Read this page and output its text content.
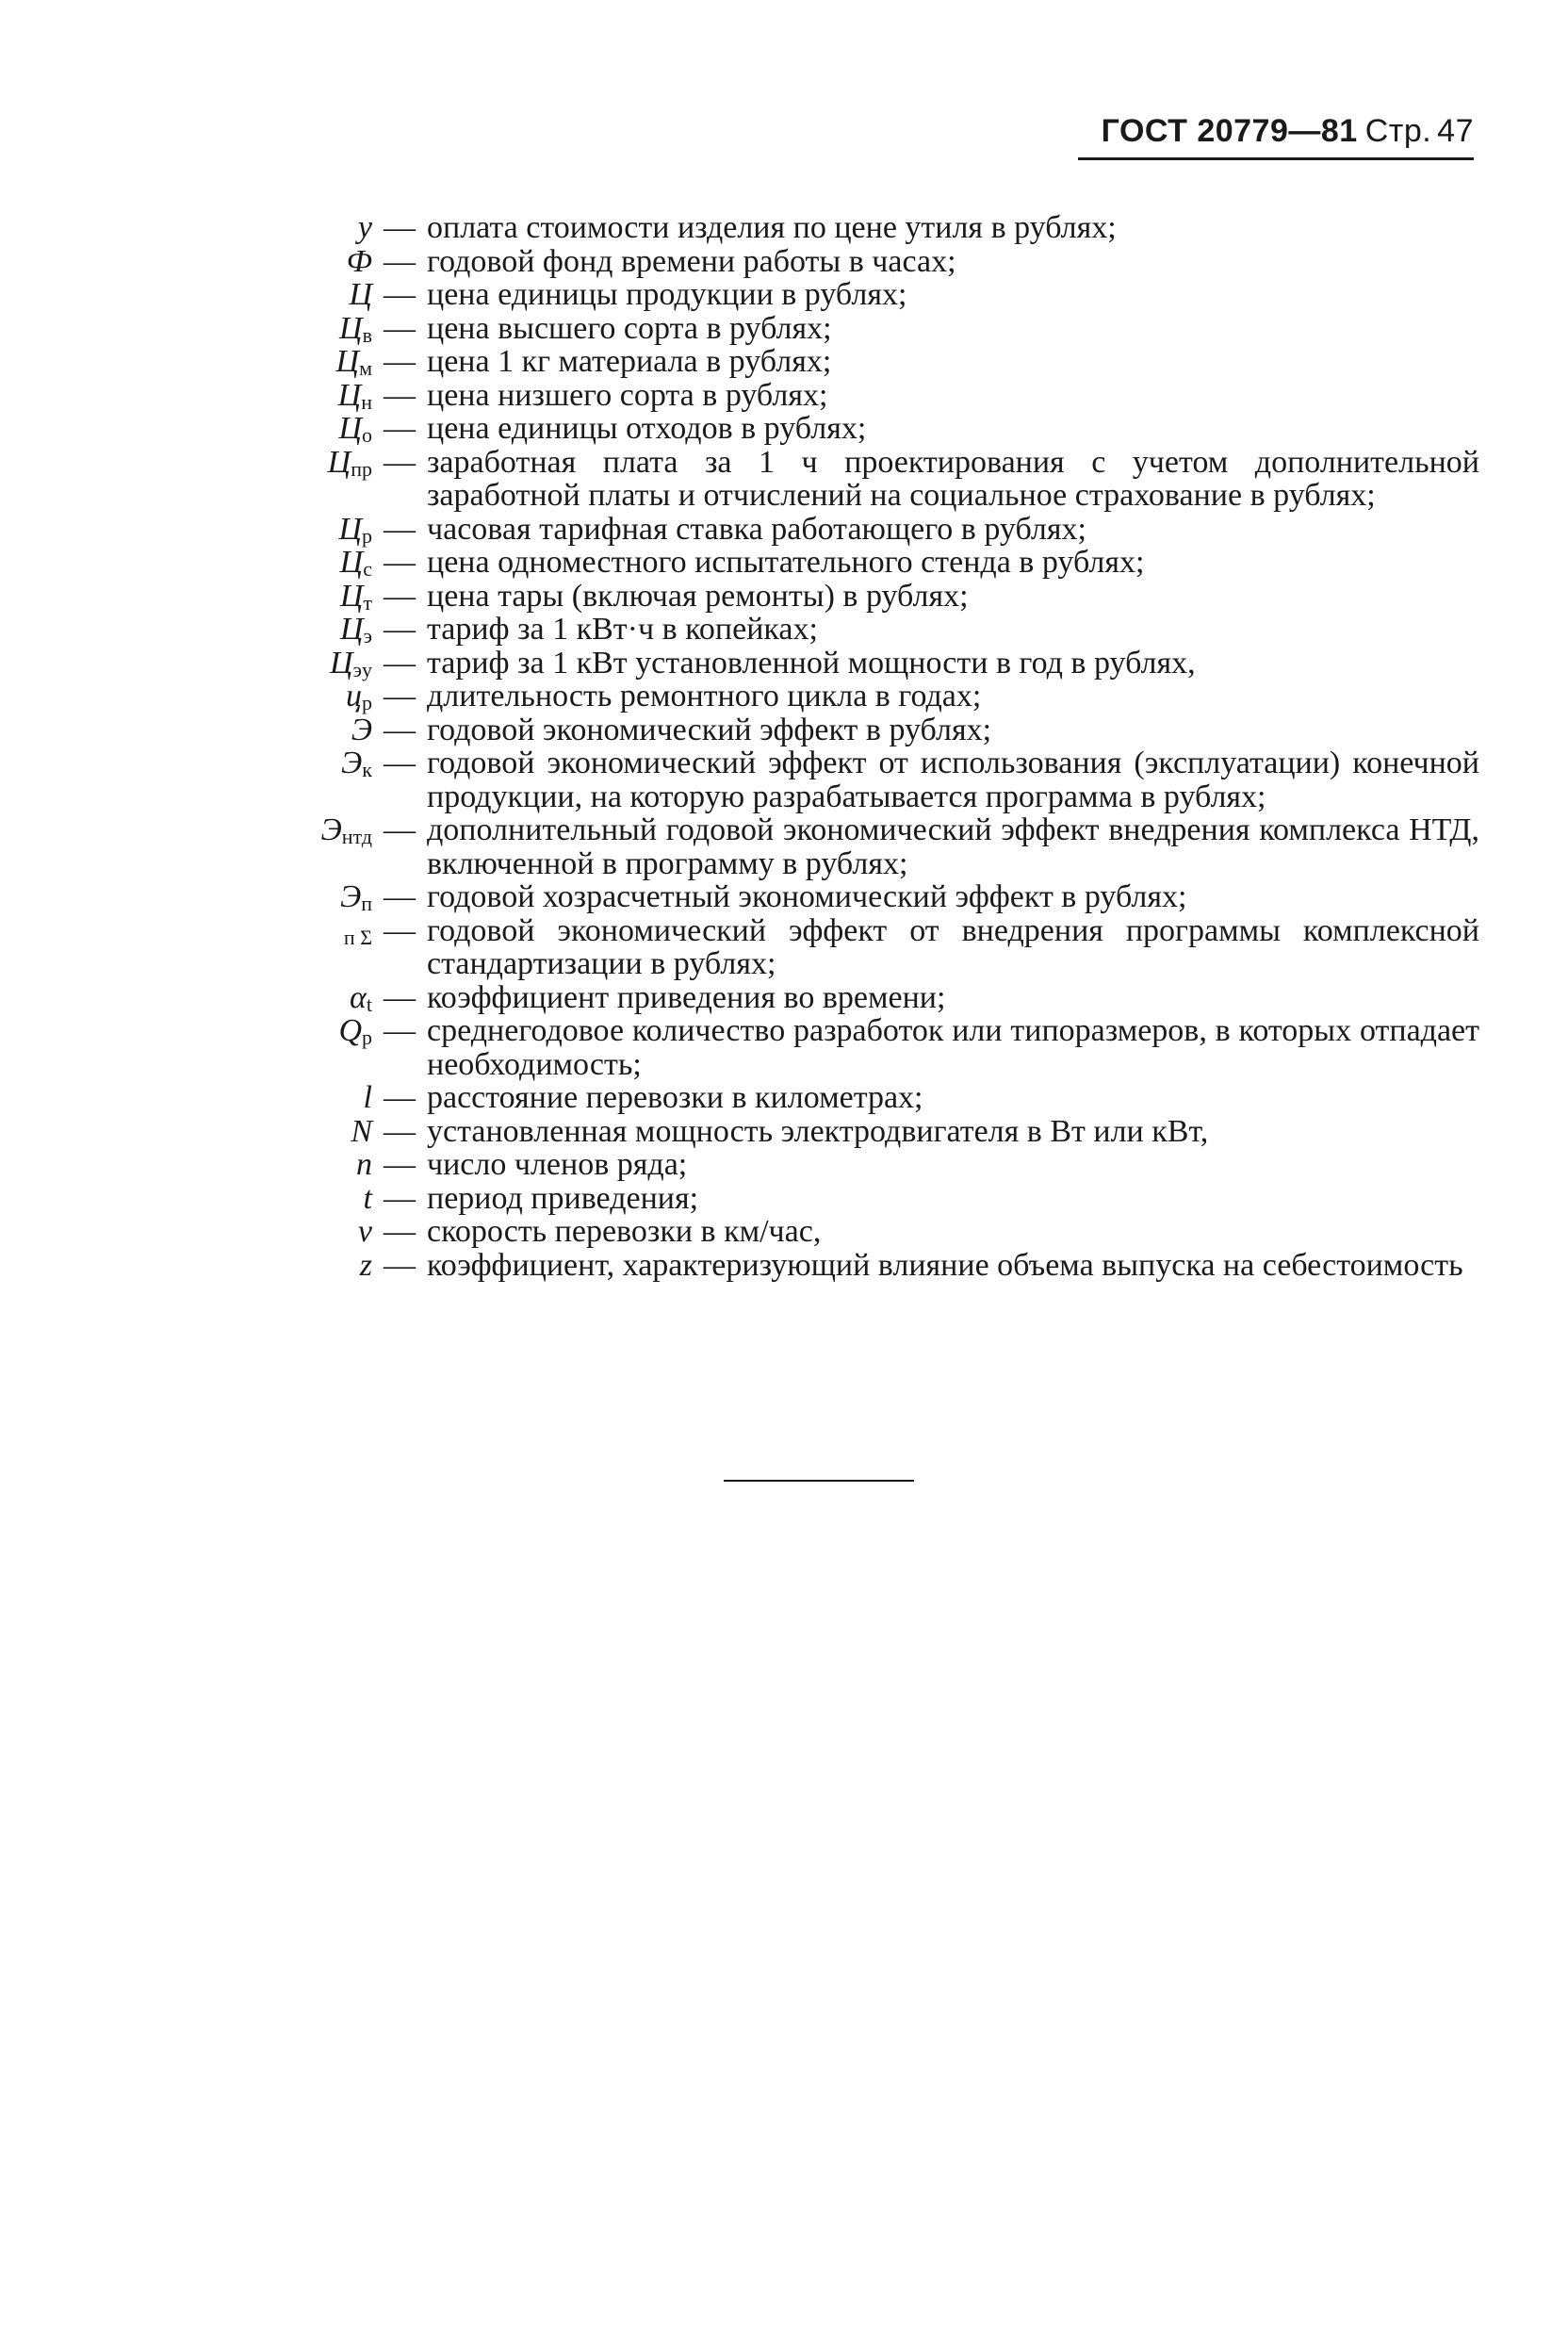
ГОСТ 20779—81 Стр. 47
у — оплата стоимости изделия по цене утиля в рублях;
Ф — годовой фонд времени работы в часах;
Ц — цена единицы продукции в рублях;
$Ц_в$ — цена высшего сорта в рублях;
$Ц_м$ — цена 1 кг материала в рублях;
$Ц_н$ — цена низшего сорта в рублях;
$Ц_о$ — цена единицы отходов в рублях;
$Ц_{пр}$ — заработная плата за 1 ч проектирования с учетом дополнительной заработной платы и отчислений на социальное страхование в рублях;
$Ц_р$ — часовая тарифная ставка работающего в рублях;
$Ц_с$ — цена одноместного испытательного стенда в рублях;
$Ц_т$ — цена тары (включая ремонты) в рублях;
$Ц_э$ — тариф за 1 кВт·ч в копейках;
$Ц_{эу}$ — тариф за 1 кВт установленной мощности в год в рублях,
$ц_р$ — длительность ремонтного цикла в годах;
Э — годовой экономический эффект в рублях;
$Э_к$ — годовой экономический эффект от использования (эксплуатации) конечной продукции, на которую разрабатывается программа в рублях;
$Э_{нтд}$ — дополнительный годовой экономический эффект внедрения комплекса НТД, включенной в программу в рублях;
$Э_п$ — годовой хозрасчетный экономический эффект в рублях;
$_{п \Sigma}$ — годовой экономический эффект от внедрения программы комплексной стандартизации в рублях;
$\alpha_t$ — коэффициент приведения во времени;
$Q_р$ — среднегодовое количество разработок или типоразмеров, в которых отпадает необходимость;
l — расстояние перевозки в километрах;
N — установленная мощность электродвигателя в Вт или кВт,
n — число членов ряда;
t — период приведения;
v — скорость перевозки в км/час,
z — коэффициент, характеризующий влияние объема выпуска на себестоимость
